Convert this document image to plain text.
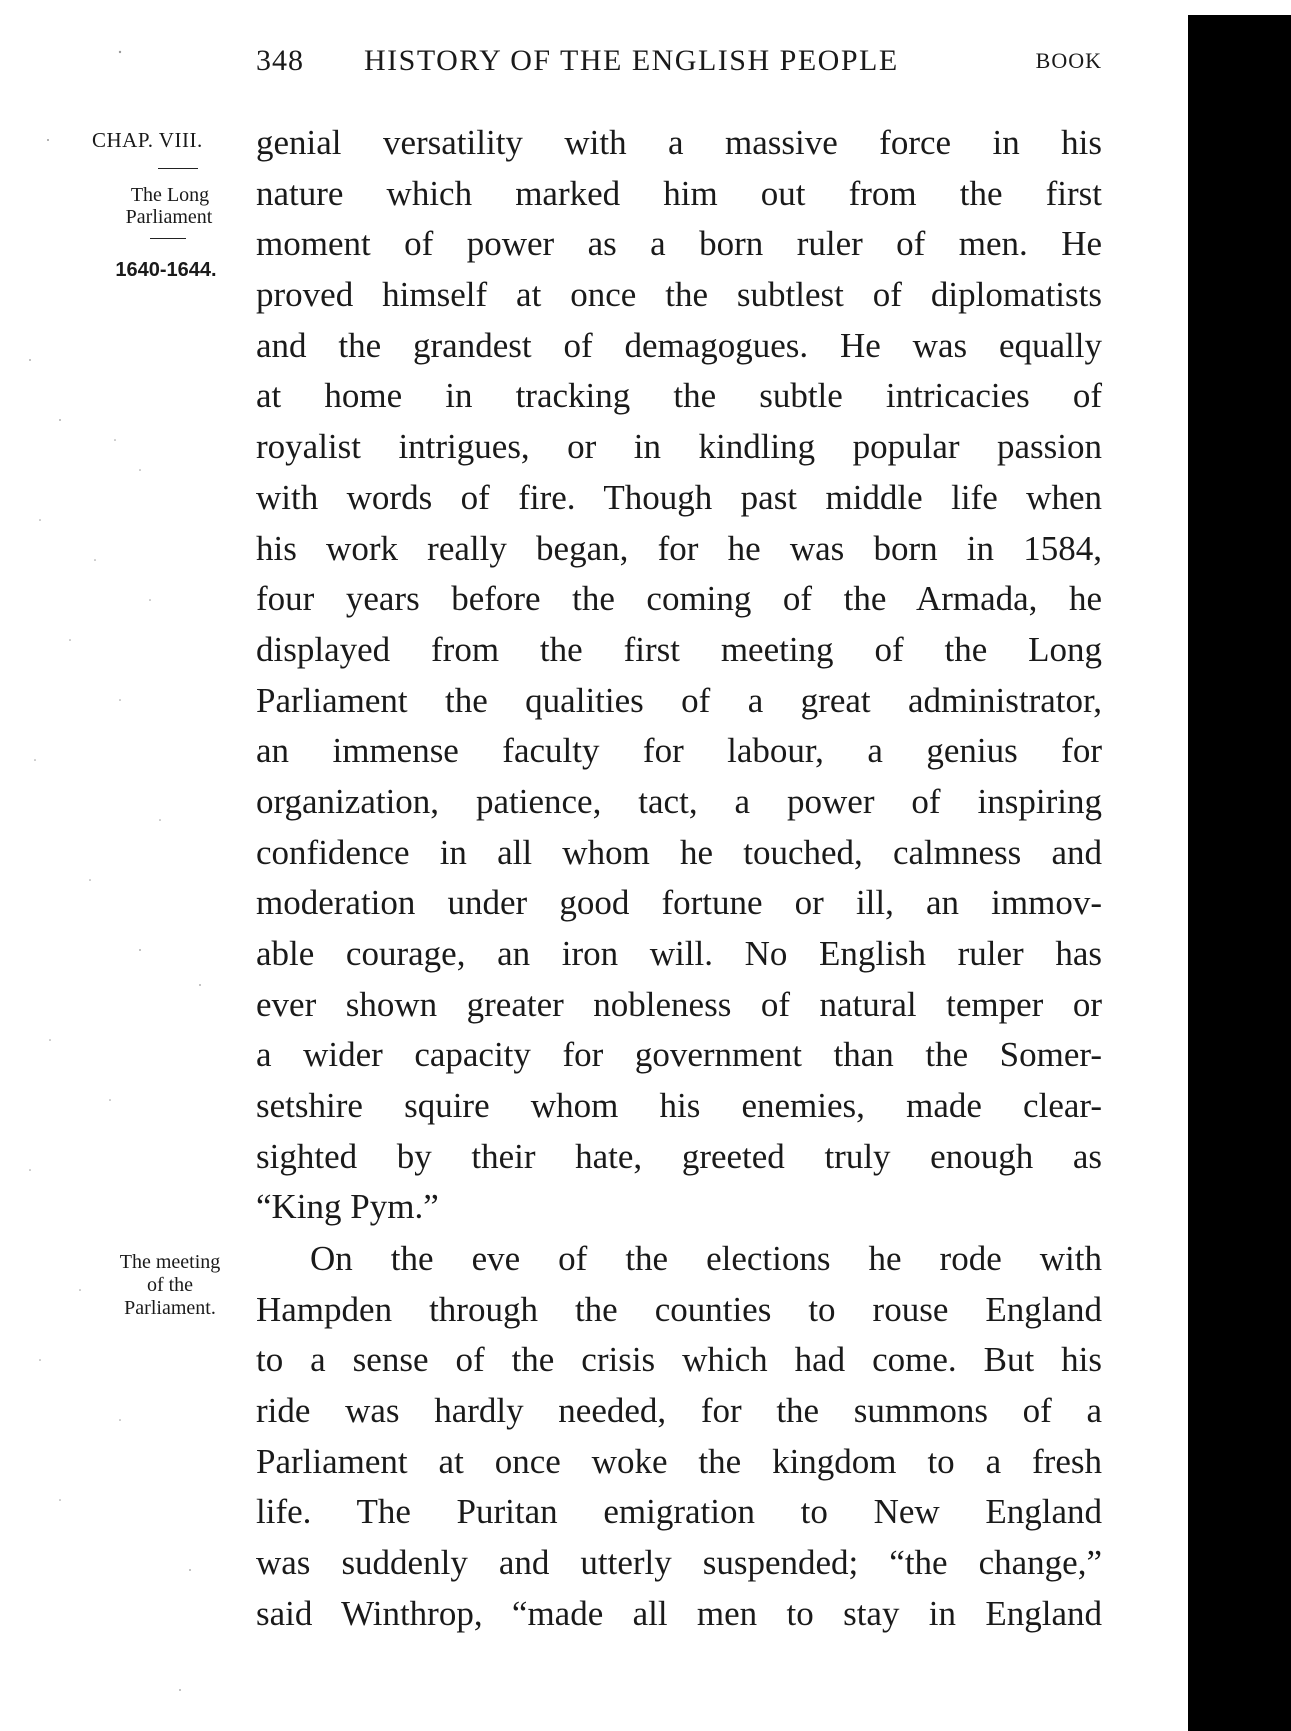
348 HISTORY OF THE ENGLISH PEOPLE	BOOK
CHAP. VIII.
The Long
Parliament
1640-1644.
The meeting
of the
Parliament.
genial versatility with a massive force in his
nature which marked him out from the first
moment of power as a born ruler of men. He
proved himself at once the subtlest of diplomatists
and the grandest of demagogues. He was equally
at home in tracking the subtle intricacies of
royalist intrigues, or in kindling popular passion
with words of fire. Though past middle life when
his work really began, for he was born in 1584,
four years before the coming of the Armada, he
displayed from the first meeting of the Long
Parliament the qualities of a great administrator,
an immense faculty for labour, a genius for
organization, patience, tact, a power of inspiring
confidence in all whom he touched, calmness and
moderation under good fortune or ill, an immov-
able courage, an iron will. No English ruler has
ever shown greater nobleness of natural temper or
a wider capacity for government than the Somer-
setshire squire whom his enemies, made clear-
sighted by their hate, greeted truly enough as
“King Pym.”
On the eve of the elections he rode with
Hampden through the counties to rouse England
to a sense of the crisis which had come. But his
ride was hardly needed, for the summons of a
Parliament at once woke the kingdom to a fresh
life. The Puritan emigration to New England
was suddenly and utterly suspended; “the change,”
said Winthrop, “made all men to stay in England
